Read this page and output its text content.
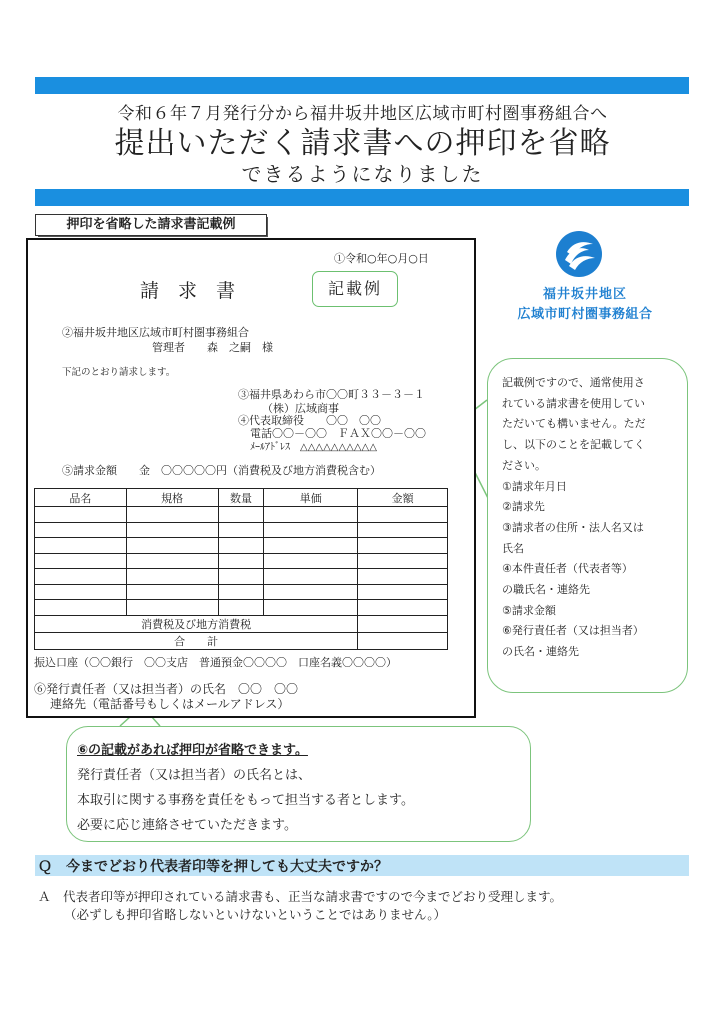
令和６年７月発行分から福井坂井地区広域市町村圏事務組合へ
提出いただく請求書への押印を省略
できるようになりました
押印を省略した請求書記載例
福井坂井地区
広域市町村圏事務組合
①令和○年○月○日
請　求　書
②福井坂井地区広域市町村圏事務組合
管理者　　森　之嗣　様
下記のとおり請求します。
③福井県あわら市〇〇町３３－３－１
（株）広域商事
④代表取締役　　〇〇　〇〇
電話〇〇－〇〇　ＦＡＸ〇〇－〇〇
ﾒｰﾙｱﾄﾞﾚｽ　△△△△△△△△△△
⑤請求金額　　金　〇〇〇〇〇円（消費税及び地方消費税含む）
振込口座（〇〇銀行　〇〇支店　普通預金〇〇〇〇　口座名義〇〇〇〇）
⑥発行責任者（又は担当者）の氏名　〇〇　〇〇
連絡先（電話番号もしくはメールアドレス）
品名	規格	数量	単価	金額

消費税及び地方消費税				
合　　計				
記載例
記載例ですので、通常使用さ
れている請求書を使用してい
ただいても構いません。ただ
し、以下のことを記載してく
ださい。
①請求年月日
②請求先
③請求者の住所・法人名又は
氏名
④本件責任者（代表者等）
の職氏名・連絡先
⑤請求金額
⑥発行責任者（又は担当者）
の氏名・連絡先
⑥の記載があれば押印が省略できます。
発行責任者（又は担当者）の氏名とは、
本取引に関する事務を責任をもって担当する者とします。
必要に応じ連絡させていただきます。
Ｑ　今までどおり代表者印等を押しても大丈夫ですか？
Ａ　代表者印等が押印されている請求書も、正当な請求書ですので今までどおり受理します。
（必ずしも押印省略しないといけないということではありません。）
